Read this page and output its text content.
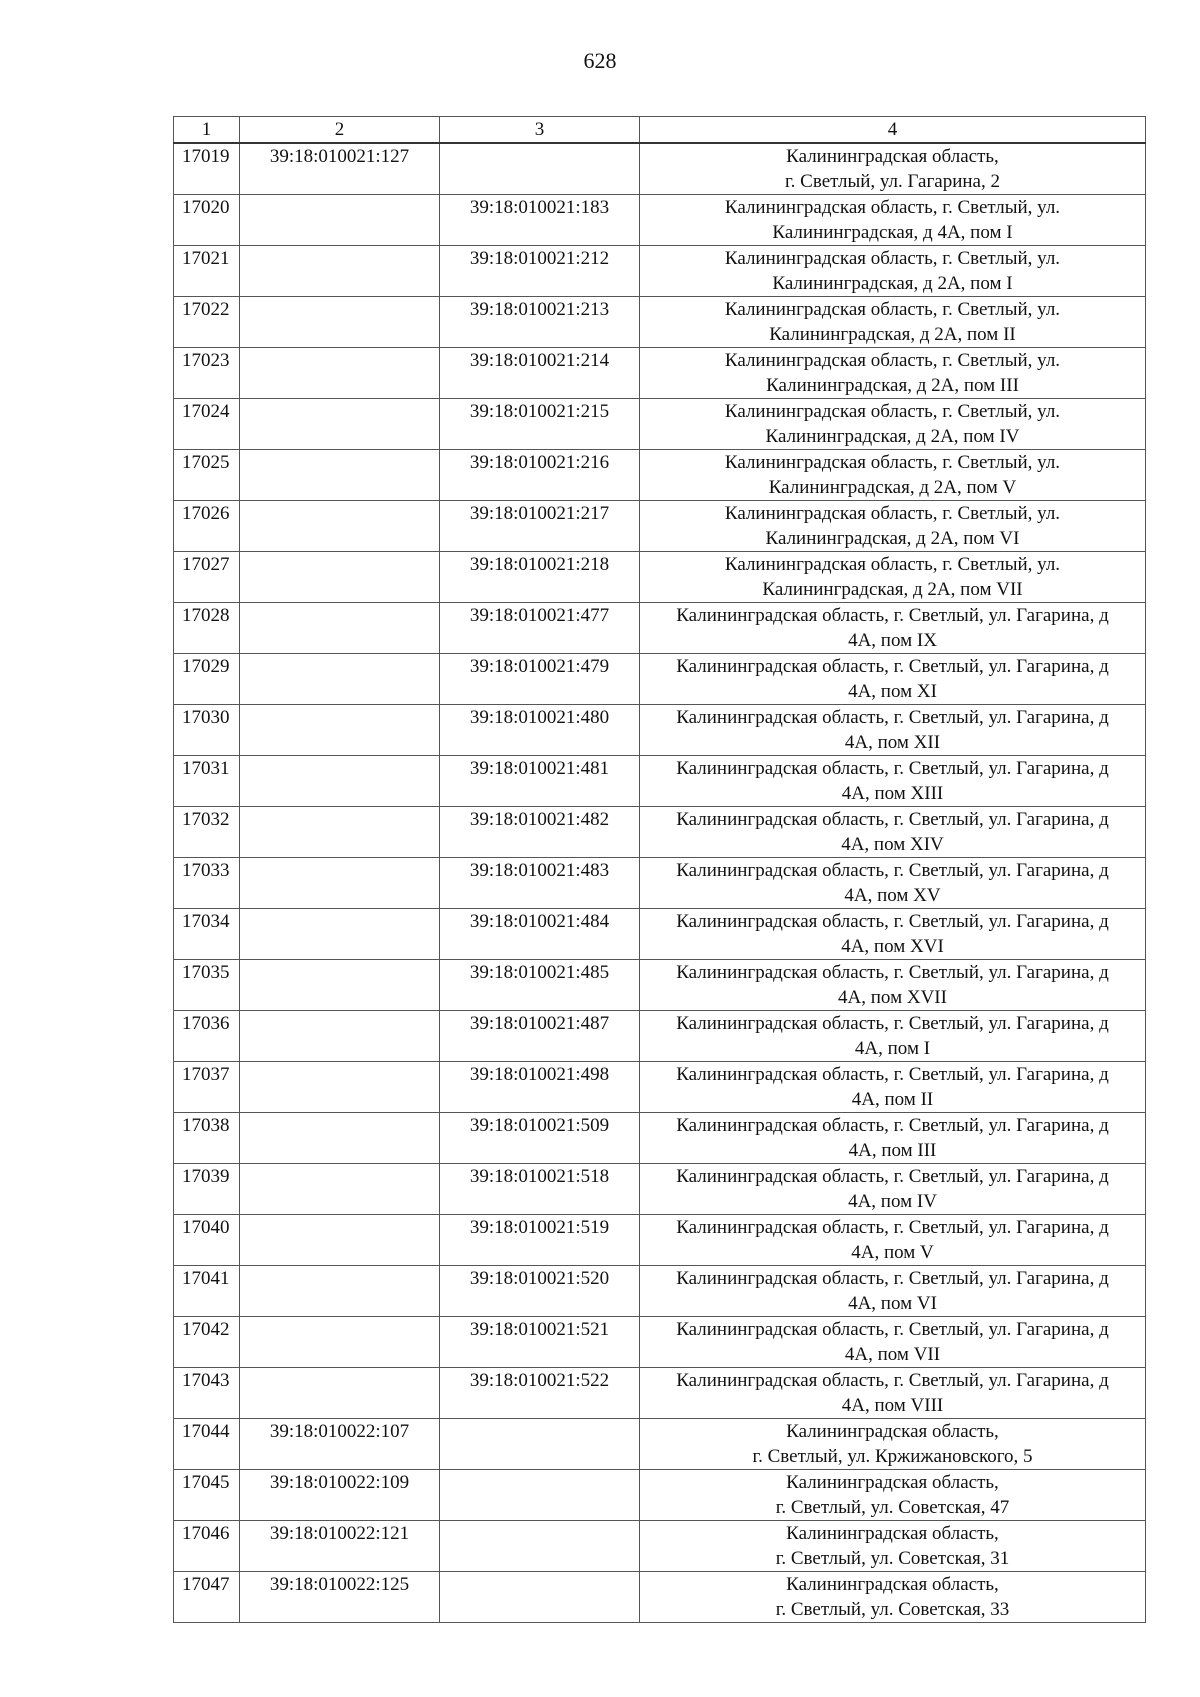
628
1	2	3	4
17019	39:18:010021:127		Калининградская область,
г. Светлый, ул. Гагарина, 2

17020		39:18:010021:183	Калининградская область, г. Светлый, ул.
Калининградская, д 4А, пом I

17021		39:18:010021:212	Калининградская область, г. Светлый, ул.
Калининградская, д 2А, пом I

17022		39:18:010021:213	Калининградская область, г. Светлый, ул.
Калининградская, д 2А, пом II

17023		39:18:010021:214	Калининградская область, г. Светлый, ул.
Калининградская, д 2А, пом III

17024		39:18:010021:215	Калининградская область, г. Светлый, ул.
Калининградская, д 2А, пом IV

17025		39:18:010021:216	Калининградская область, г. Светлый, ул.
Калининградская, д 2А, пом V

17026		39:18:010021:217	Калининградская область, г. Светлый, ул.
Калининградская, д 2А, пом VI

17027		39:18:010021:218	Калининградская область, г. Светлый, ул.
Калининградская, д 2А, пом VII

17028		39:18:010021:477	Калининградская область, г. Светлый, ул. Гагарина, д
4А, пом IX

17029		39:18:010021:479	Калининградская область, г. Светлый, ул. Гагарина, д
4А, пом XI

17030		39:18:010021:480	Калининградская область, г. Светлый, ул. Гагарина, д
4А, пом XII

17031		39:18:010021:481	Калининградская область, г. Светлый, ул. Гагарина, д
4А, пом XIII

17032		39:18:010021:482	Калининградская область, г. Светлый, ул. Гагарина, д
4А, пом XIV

17033		39:18:010021:483	Калининградская область, г. Светлый, ул. Гагарина, д
4А, пом XV

17034		39:18:010021:484	Калининградская область, г. Светлый, ул. Гагарина, д
4А, пом XVI

17035		39:18:010021:485	Калининградская область, г. Светлый, ул. Гагарина, д
4А, пом XVII

17036		39:18:010021:487	Калининградская область, г. Светлый, ул. Гагарина, д
4А, пом I

17037		39:18:010021:498	Калининградская область, г. Светлый, ул. Гагарина, д
4А, пом II

17038		39:18:010021:509	Калининградская область, г. Светлый, ул. Гагарина, д
4А, пом III

17039		39:18:010021:518	Калининградская область, г. Светлый, ул. Гагарина, д
4А, пом IV

17040		39:18:010021:519	Калининградская область, г. Светлый, ул. Гагарина, д
4А, пом V

17041		39:18:010021:520	Калининградская область, г. Светлый, ул. Гагарина, д
4А, пом VI

17042		39:18:010021:521	Калининградская область, г. Светлый, ул. Гагарина, д
4А, пом VII

17043		39:18:010021:522	Калининградская область, г. Светлый, ул. Гагарина, д
4А, пом VIII

17044	39:18:010022:107		Калининградская область,
г. Светлый, ул. Кржижановского, 5

17045	39:18:010022:109		Калининградская область,
г. Светлый, ул. Советская, 47

17046	39:18:010022:121		Калининградская область,
г. Светлый, ул. Советская, 31

17047	39:18:010022:125		Калининградская область,
г. Светлый, ул. Советская, 33
